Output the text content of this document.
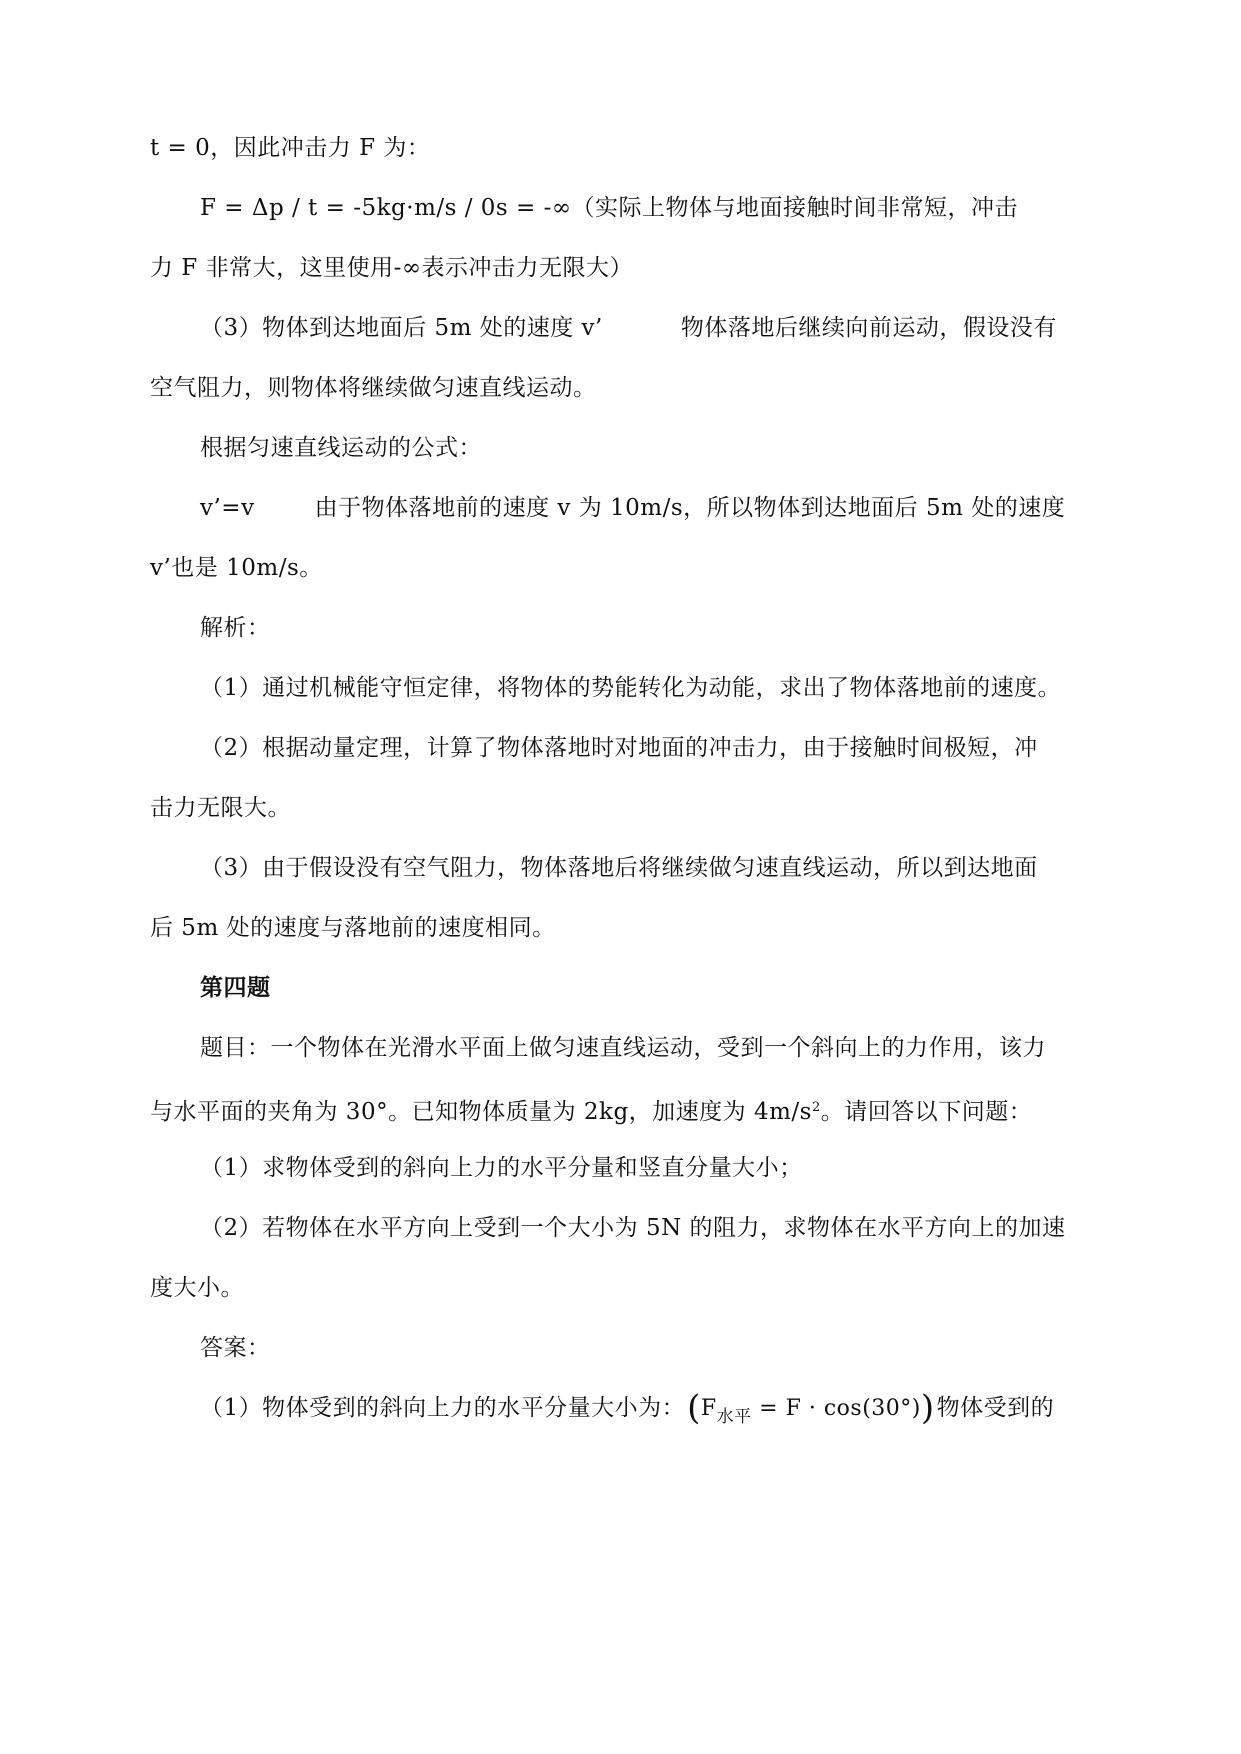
t = 0，因此冲击力 F 为：
F = Δp / t = -5kg·m/s / 0s = -∞（实际上物体与地面接触时间非常短，冲击
力 F 非常大，这里使用-∞表示冲击力无限大）
（3）物体到达地面后 5m 处的速度 v’	物体落地后继续向前运动，假设没有
空气阻力，则物体将继续做匀速直线运动。
根据匀速直线运动的公式：
v’=v	由于物体落地前的速度 v 为 10m/s，所以物体到达地面后 5m 处的速度
v’也是 10m/s。
解析：
（1）通过机械能守恒定律，将物体的势能转化为动能，求出了物体落地前的速度。
（2）根据动量定理，计算了物体落地时对地面的冲击力，由于接触时间极短，冲
击力无限大。
（3）由于假设没有空气阻力，物体落地后将继续做匀速直线运动，所以到达地面
后 5m 处的速度与落地前的速度相同。
第四题
题目：一个物体在光滑水平面上做匀速直线运动，受到一个斜向上的力作用，该力
与水平面的夹角为 30°。已知物体质量为 2kg，加速度为 $4m/s^2$。请回答以下问题：
（1）求物体受到的斜向上力的水平分量和竖直分量大小；
（2）若物体在水平方向上受到一个大小为 5N 的阻力，求物体在水平方向上的加速
度大小。
答案：
（1）物体受到的斜向上力的水平分量大小为：$(F_{水平} = F \cdot \cos(30^\circ))$物体受到的
